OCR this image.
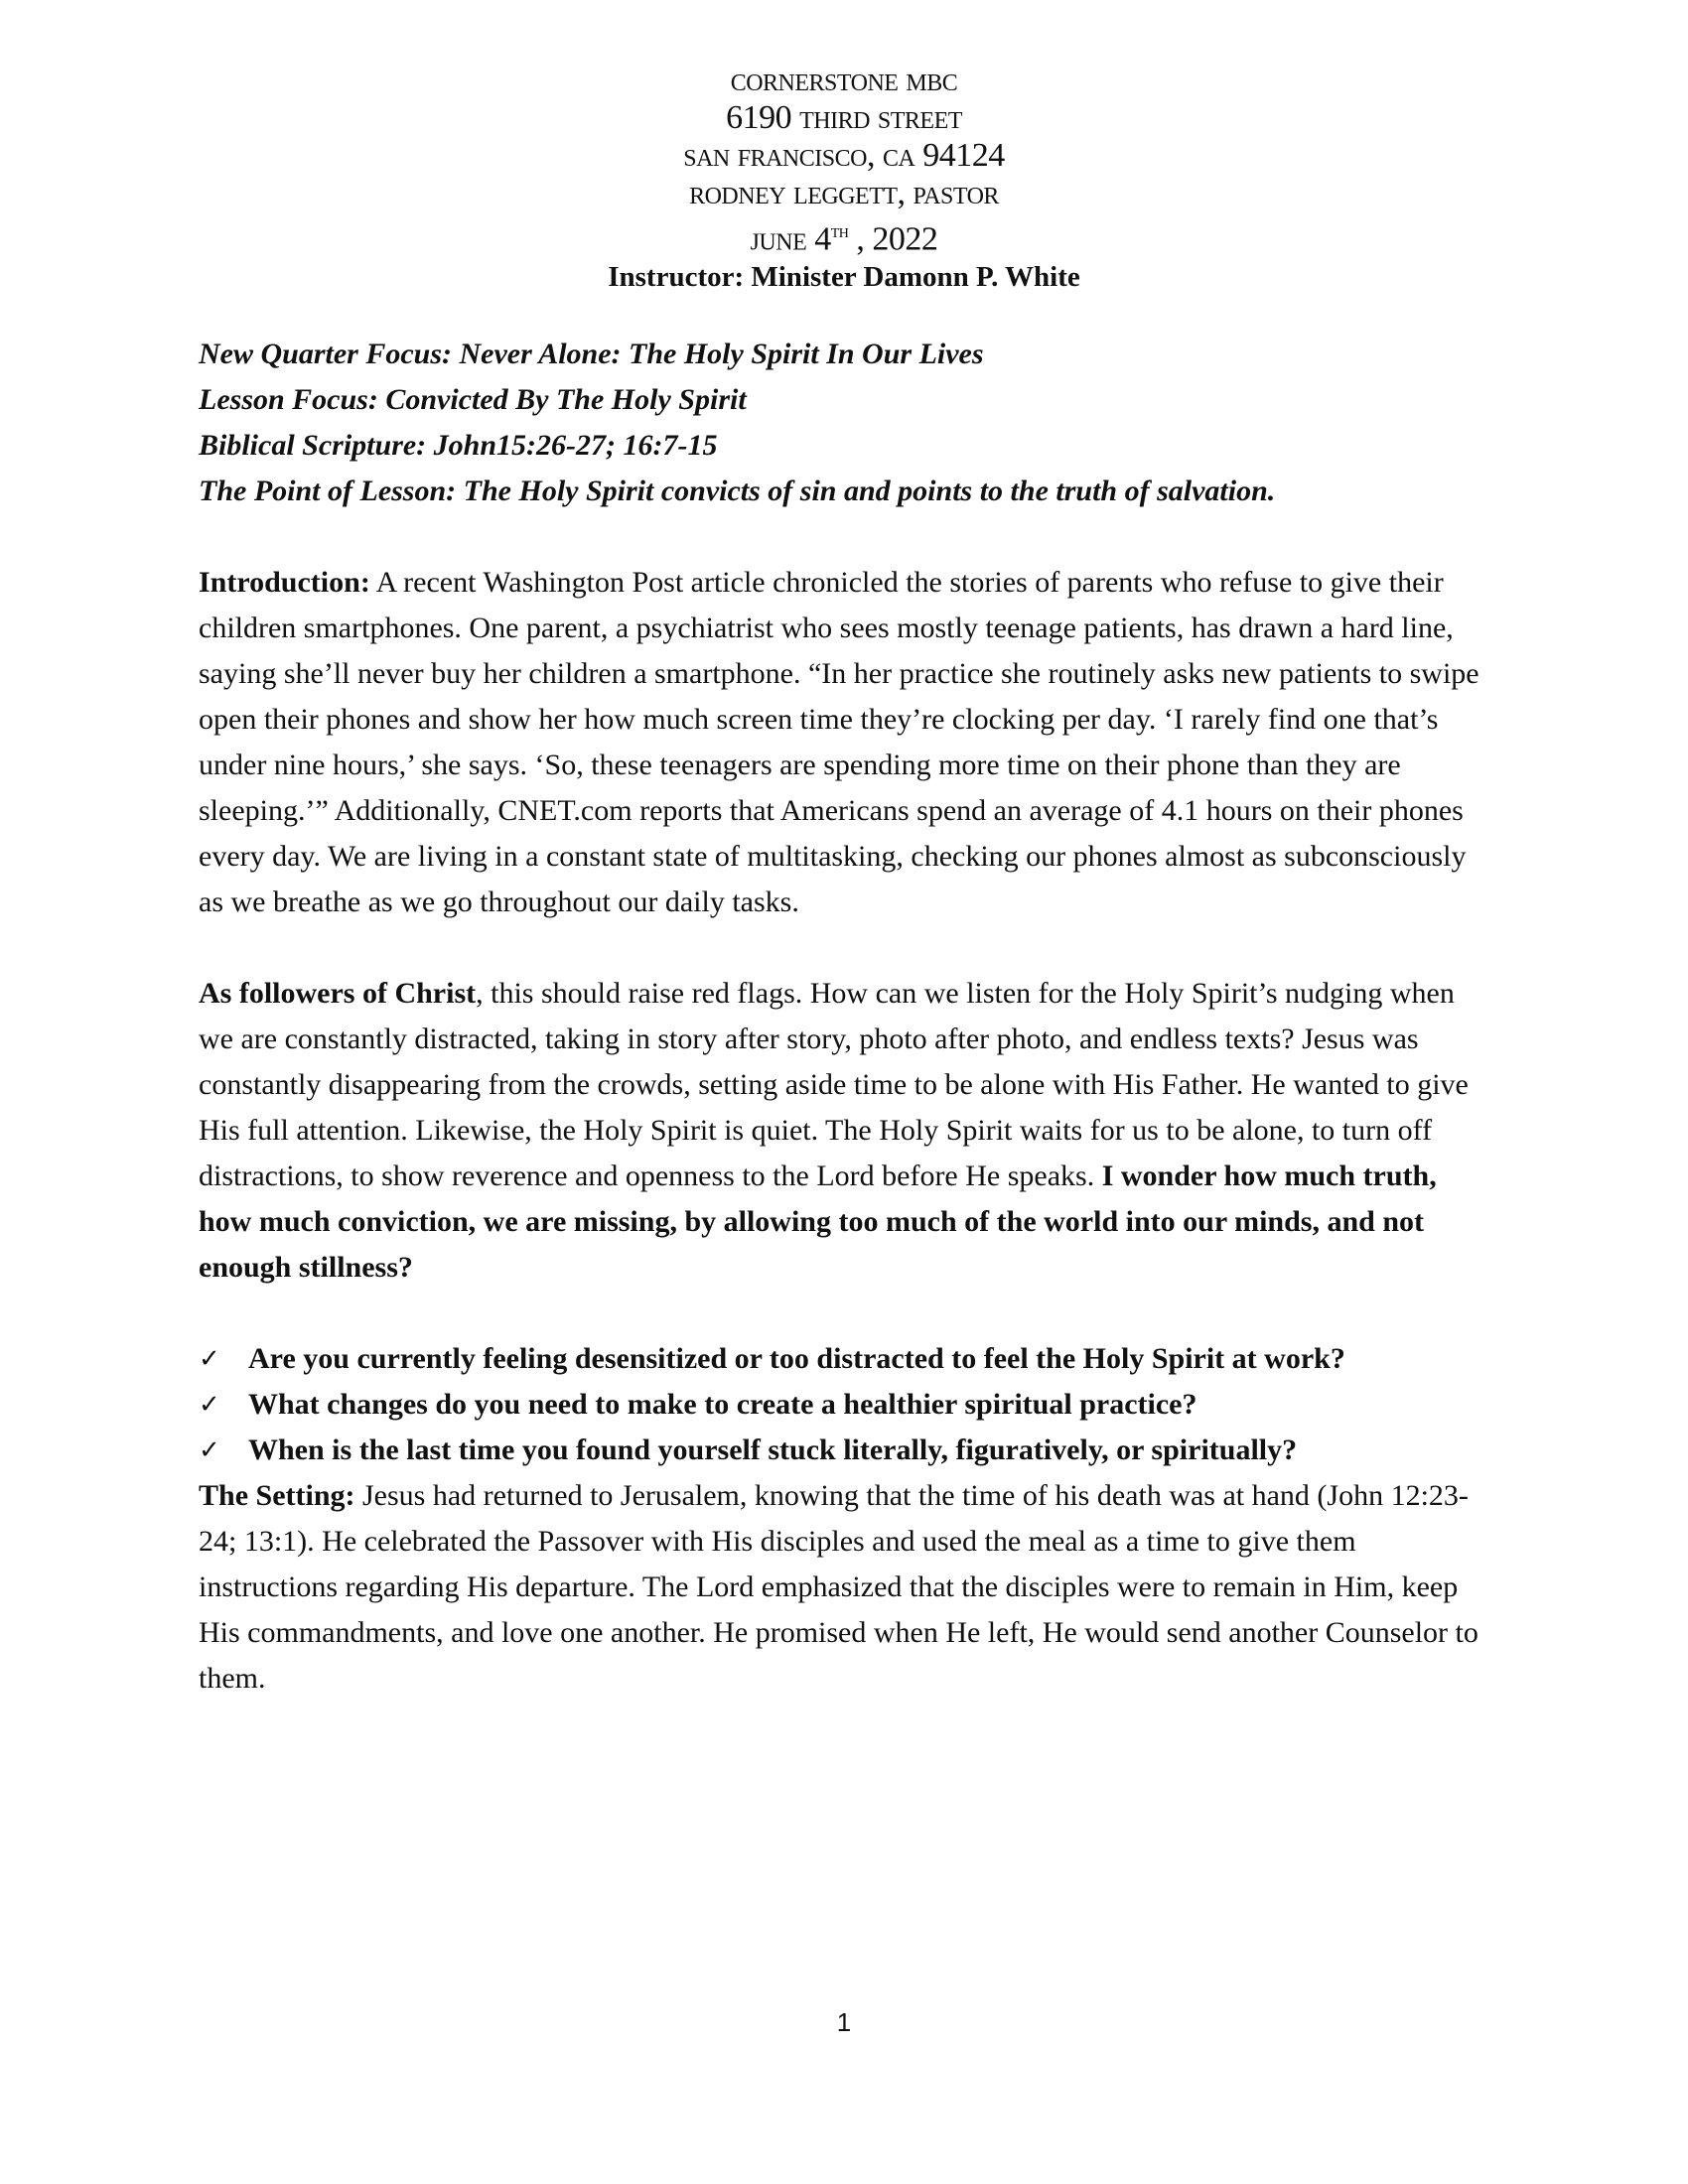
cornerstone mbc
6190 third street
san francisco, ca 94124
rodney leggett, pastor
june 4th , 2022
Instructor: Minister Damonn P. White

New Quarter Focus: Never Alone: The Holy Spirit In Our Lives

Lesson Focus: Convicted By The Holy Spirit

Biblical Scripture: John15:26-27; 16:7-15

The Point of Lesson: The Holy Spirit convicts of sin and points to the truth of salvation.

Introduction: A recent Washington Post article chronicled the stories of parents who refuse to give their children smartphones. One parent, a psychiatrist who sees mostly teenage patients, has drawn a hard line, saying she’ll never buy her children a smartphone. “In her practice she routinely asks new patients to swipe open their phones and show her how much screen time they’re clocking per day. ‘I rarely find one that’s under nine hours,’ she says. ‘So, these teenagers are spending more time on their phone than they are sleeping.’” Additionally, CNET.com reports that Americans spend an average of 4.1 hours on their phones every day. We are living in a constant state of multitasking, checking our phones almost as subconsciously as we breathe as we go throughout our daily tasks.

As followers of Christ, this should raise red flags. How can we listen for the Holy Spirit’s nudging when we are constantly distracted, taking in story after story, photo after photo, and endless texts? Jesus was constantly disappearing from the crowds, setting aside time to be alone with His Father. He wanted to give His full attention. Likewise, the Holy Spirit is quiet. The Holy Spirit waits for us to be alone, to turn off distractions, to show reverence and openness to the Lord before He speaks. I wonder how much truth, how much conviction, we are missing, by allowing too much of the world into our minds, and not enough stillness?

✓ Are you currently feeling desensitized or too distracted to feel the Holy Spirit at work?
✓ What changes do you need to make to create a healthier spiritual practice?
✓ When is the last time you found yourself stuck literally, figuratively, or spiritually?

The Setting: Jesus had returned to Jerusalem, knowing that the time of his death was at hand (John 12:23-24; 13:1). He celebrated the Passover with His disciples and used the meal as a time to give them instructions regarding His departure. The Lord emphasized that the disciples were to remain in Him, keep His commandments, and love one another. He promised when He left, He would send another Counselor to them.

1
